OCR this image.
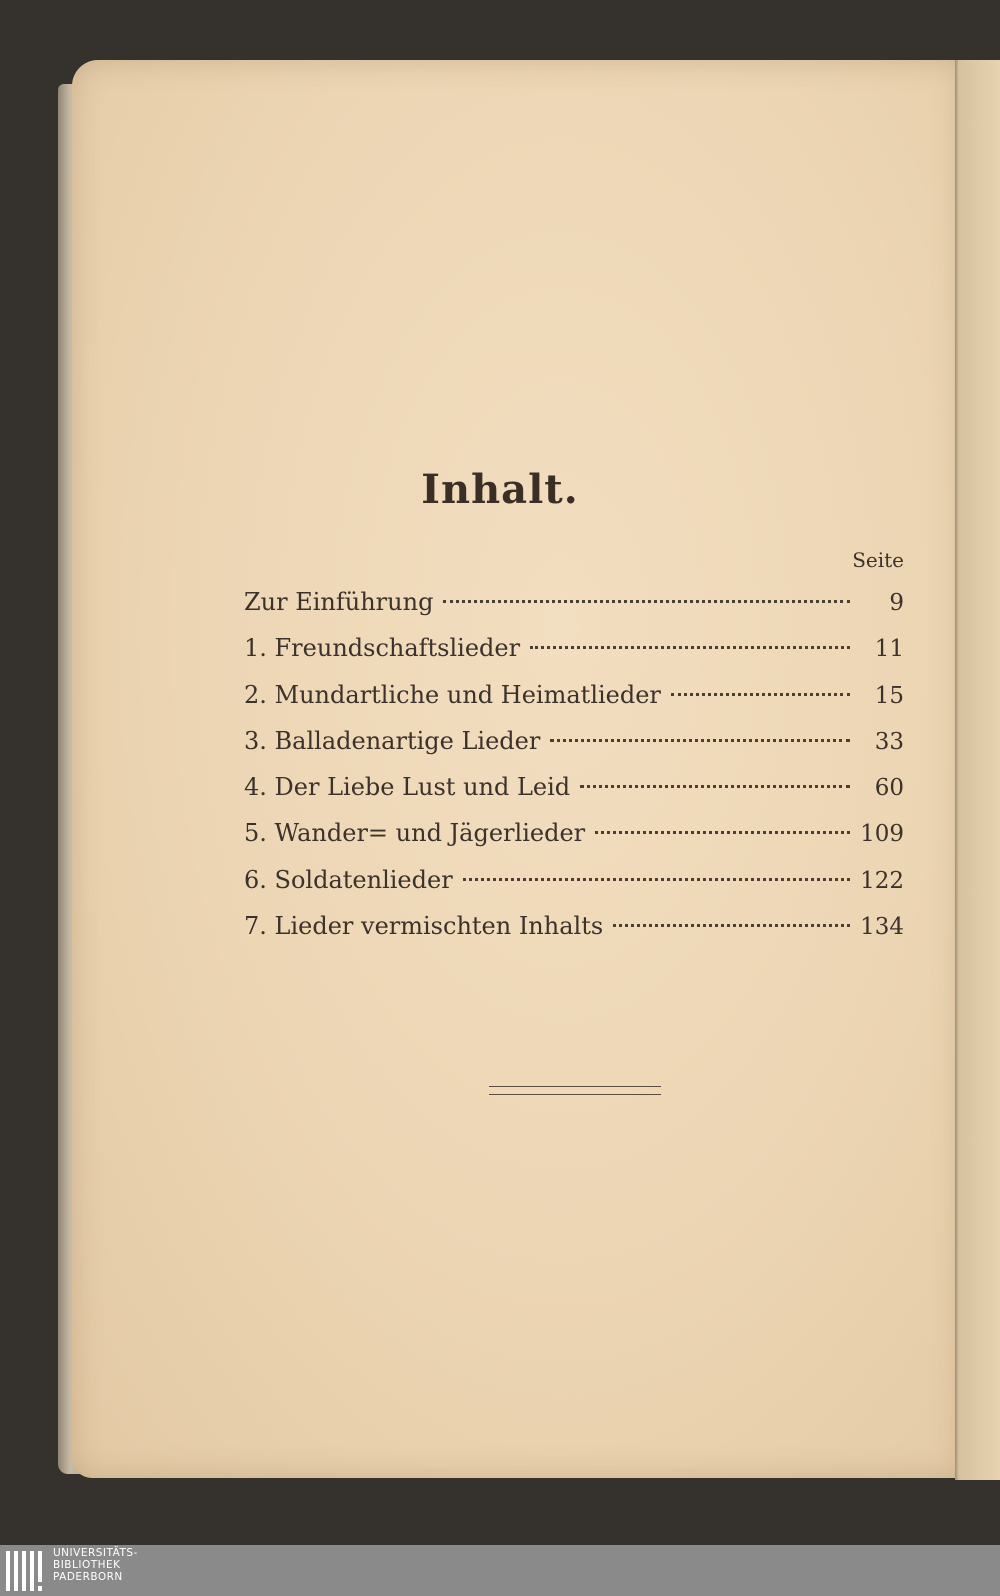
Inhalt.
Seite
Zur Einführung	9
1. Freundschaftslieder	11
2. Mundartliche und Heimatlieder	15
3. Balladenartige Lieder	33
4. Der Liebe Lust und Leid	60
5. Wander= und Jägerlieder	109
6. Soldatenlieder	122
7. Lieder vermischten Inhalts	134
UNIVERSITÄTS-
BIBLIOTHEK
PADERBORN
